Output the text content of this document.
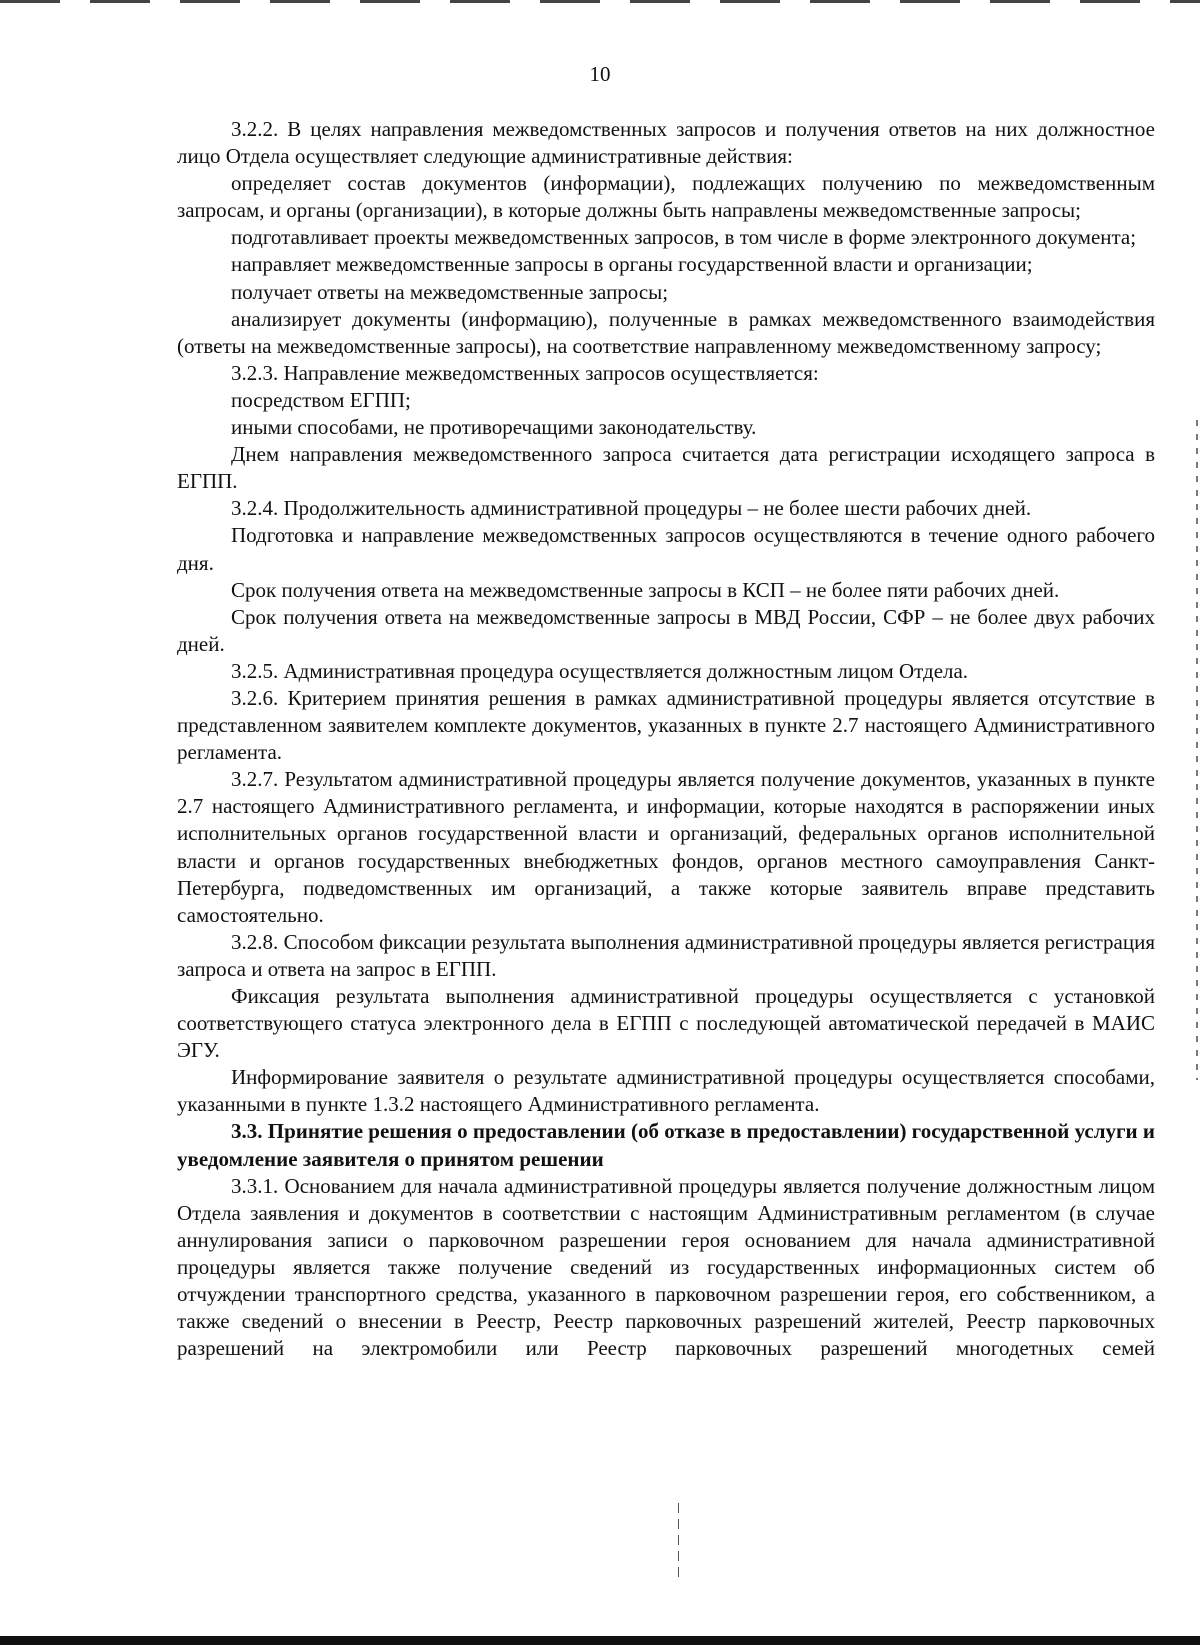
10

3.2.2. В целях направления межведомственных запросов и получения ответов на них должностное лицо Отдела осуществляет следующие административные действия:

определяет состав документов (информации), подлежащих получению по межведомственным запросам, и органы (организации), в которые должны быть направлены межведомственные запросы;

подготавливает проекты межведомственных запросов, в том числе в форме электронного документа;

направляет межведомственные запросы в органы государственной власти и организации;

получает ответы на межведомственные запросы;

анализирует документы (информацию), полученные в рамках межведомственного взаимодействия (ответы на межведомственные запросы), на соответствие направленному межведомственному запросу;

3.2.3. Направление межведомственных запросов осуществляется:

посредством ЕГПП;

иными способами, не противоречащими законодательству.

Днем направления межведомственного запроса считается дата регистрации исходящего запроса в ЕГПП.

3.2.4. Продолжительность административной процедуры – не более шести рабочих дней.

Подготовка и направление межведомственных запросов осуществляются в течение одного рабочего дня.

Срок получения ответа на межведомственные запросы в КСП – не более пяти рабочих дней.

Срок получения ответа на межведомственные запросы в МВД России, СФР – не более двух рабочих дней.

3.2.5. Административная процедура осуществляется должностным лицом Отдела.

3.2.6. Критерием принятия решения в рамках административной процедуры является отсутствие в представленном заявителем комплекте документов, указанных в пункте 2.7 настоящего Административного регламента.

3.2.7. Результатом административной процедуры является получение документов, указанных в пункте 2.7 настоящего Административного регламента, и информации, которые находятся в распоряжении иных исполнительных органов государственной власти и организаций, федеральных органов исполнительной власти и органов государственных внебюджетных фондов, органов местного самоуправления Санкт-Петербурга, подведомственных им организаций, а также которые заявитель вправе представить самостоятельно.

3.2.8. Способом фиксации результата выполнения административной процедуры является регистрация запроса и ответа на запрос в ЕГПП.

Фиксация результата выполнения административной процедуры осуществляется с установкой соответствующего статуса электронного дела в ЕГПП с последующей автоматической передачей в МАИС ЭГУ.

Информирование заявителя о результате административной процедуры осуществляется способами, указанными в пункте 1.3.2 настоящего Административного регламента.

3.3. Принятие решения о предоставлении (об отказе в предоставлении) государственной услуги и уведомление заявителя о принятом решении

3.3.1. Основанием для начала административной процедуры является получение должностным лицом Отдела заявления и документов в соответствии с настоящим Административным регламентом (в случае аннулирования записи о парковочном разрешении героя основанием для начала административной процедуры является также получение сведений из государственных информационных систем об отчуждении транспортного средства, указанного в парковочном разрешении героя, его собственником, а также сведений о внесении в Реестр, Реестр парковочных разрешений жителей, Реестр парковочных разрешений на электромобили или Реестр парковочных разрешений многодетных семей
